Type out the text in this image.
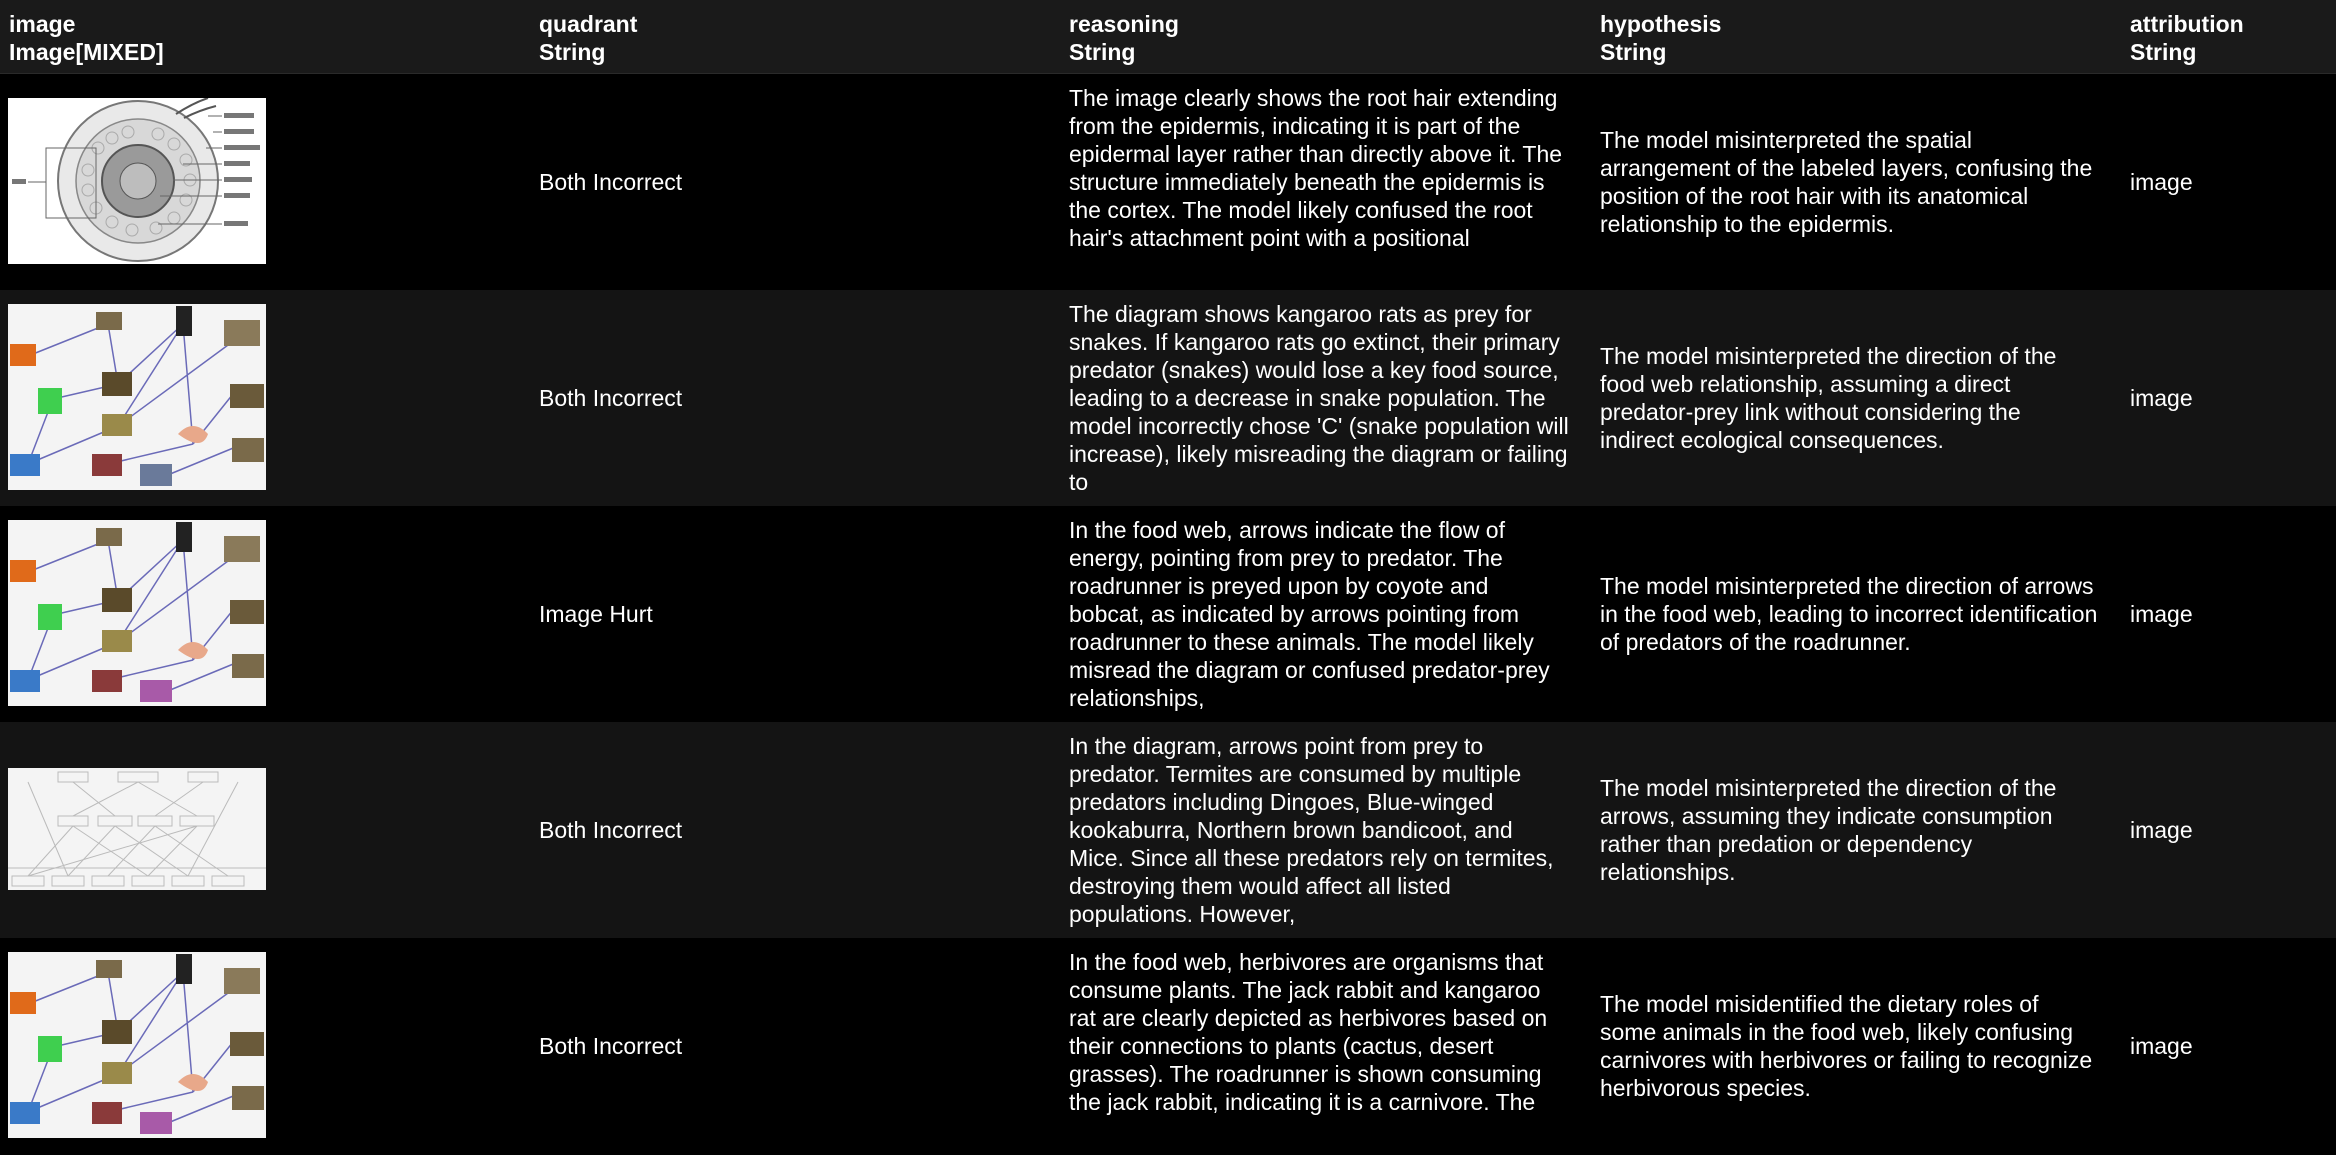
image
Image[MIXED]
quadrant
String
reasoning
String
hypothesis
String
attribution
String
Both Incorrect
The image clearly shows the root hair extending from the epidermis, indicating it is part of the epidermal layer rather than directly above it. The structure immediately beneath the epidermis is the cortex. The model likely confused the root hair's attachment point with a positional
The model misinterpreted the spatial arrangement of the labeled layers, confusing the position of the root hair with its anatomical relationship to the epidermis.
image
Both Incorrect
The diagram shows kangaroo rats as prey for snakes. If kangaroo rats go extinct, their primary predator (snakes) would lose a key food source, leading to a decrease in snake population. The model incorrectly chose 'C' (snake population will increase), likely misreading the diagram or failing to
The model misinterpreted the direction of the food web relationship, assuming a direct predator-prey link without considering the indirect ecological consequences.
image
Image Hurt
In the food web, arrows indicate the flow of energy, pointing from prey to predator. The roadrunner is preyed upon by coyote and bobcat, as indicated by arrows pointing from roadrunner to these animals. The model likely misread the diagram or confused predator-prey relationships,
The model misinterpreted the direction of arrows in the food web, leading to incorrect identification of predators of the roadrunner.
image
Both Incorrect
In the diagram, arrows point from prey to predator. Termites are consumed by multiple predators including Dingoes, Blue-winged kookaburra, Northern brown bandicoot, and Mice. Since all these predators rely on termites, destroying them would affect all listed populations. However,
The model misinterpreted the direction of the arrows, assuming they indicate consumption rather than predation or dependency relationships.
image
Both Incorrect
In the food web, herbivores are organisms that consume plants. The jack rabbit and kangaroo rat are clearly depicted as herbivores based on their connections to plants (cactus, desert grasses). The roadrunner is shown consuming the jack rabbit, indicating it is a carnivore. The
The model misidentified the dietary roles of some animals in the food web, likely confusing carnivores with herbivores or failing to recognize herbivorous species.
image
